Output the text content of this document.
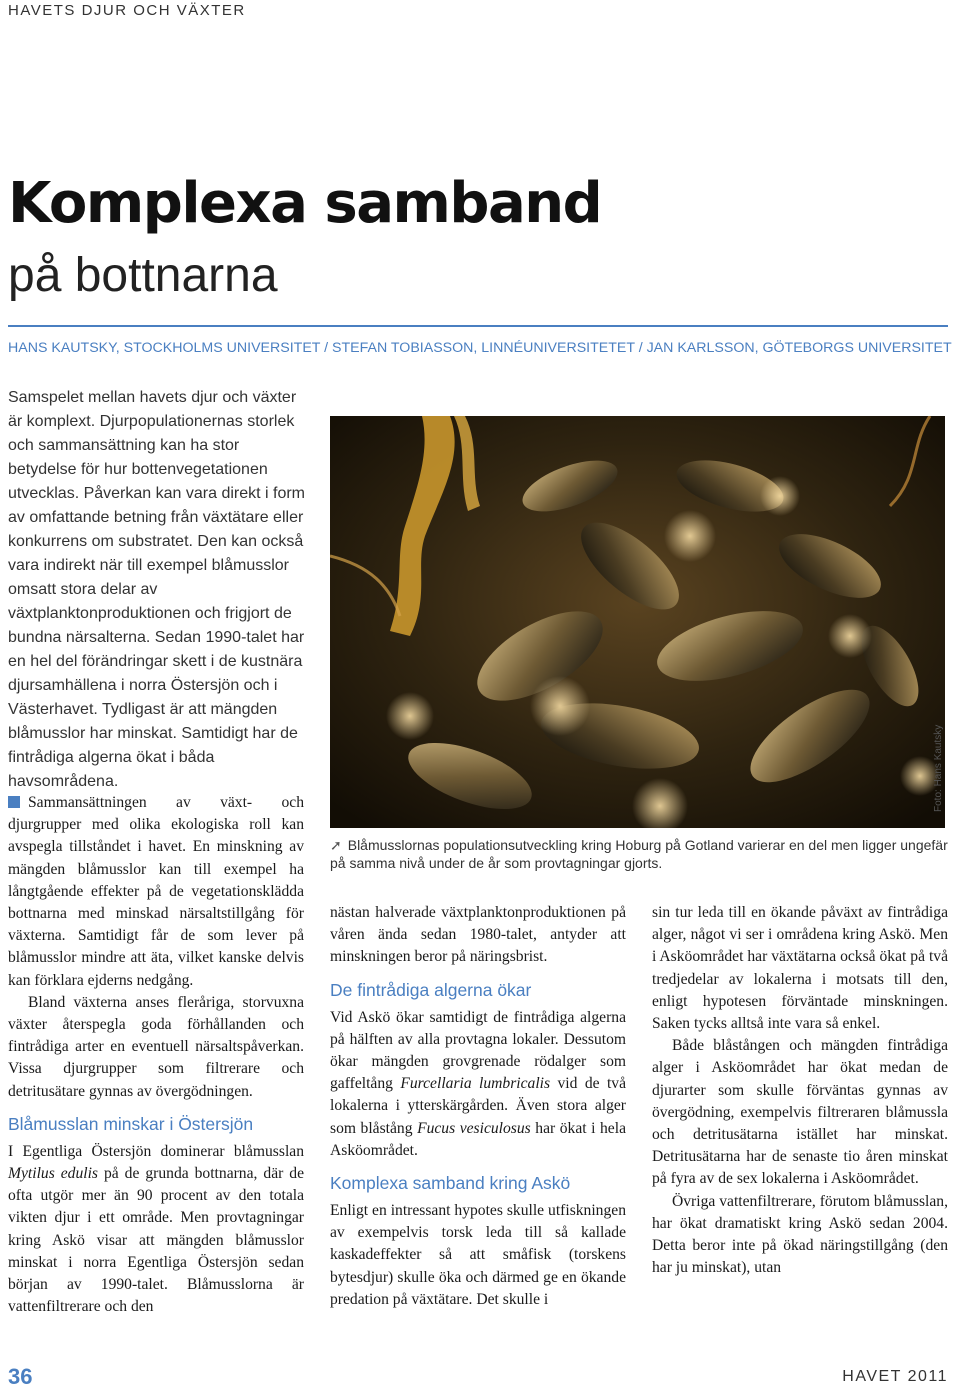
HAVETS DJUR OCH VÄXTER
Komplexa samband
på bottnarna
HANS KAUTSKY, STOCKHOLMS UNIVERSITET / STEFAN TOBIASSON, LINNÉUNIVERSITETET / JAN KARLSSON, GÖTEBORGS UNIVERSITET

Samspelet mellan havets djur och växter är komplext. Djurpopulationernas storlek och sammansättning kan ha stor betydelse för hur bottenvegetationen utvecklas. Påverkan kan vara direkt i form av omfattande betning från växtätare eller konkurrens om substratet. Den kan också vara indirekt när till exempel blåmusslor omsatt stora delar av växtplanktonproduktionen och frigjort de bundna närsalterna. Sedan 1990-talet har en hel del förändringar skett i de kustnära djursamhällena i norra Östersjön och i Västerhavet. Tydligast är att mängden blåmusslor har minskat. Samtidigt har de fintrådiga algerna ökat i båda havsområdena.	Foto: Hans Kautsky
➚ Blåmusslornas populationsutveckling kring Hoburg på Gotland varierar en del men ligger ungefär på samma nivå under de år som provtagningar gjorts.

Sammansättningen av växt- och djurgrupper med olika ekologiska roll kan avspegla tillståndet i havet. En minskning av mängden blåmusslor kan till exempel ha långtgående effekter på de vegetationsklädda bottnarna med minskad närsaltstillgång för växterna. Samtidigt får de som lever på blåmusslor mindre att äta, vilket kanske delvis kan förklara ejderns nedgång.

Bland växterna anses fleråriga, storvuxna växter återspegla goda förhållanden och fintrådiga arter en eventuell närsaltspåverkan. Vissa djurgrupper som filtrerare och detritusätare gynnas av övergödningen.

Blåmusslan minskar i Östersjön

I Egentliga Östersjön dominerar blåmusslan Mytilus edulis på de grunda bottnarna, där de ofta utgör mer än 90 procent av den totala vikten djur i ett område. Men provtagningar kring Askö visar att mängden blåmusslor minskat i norra Egentliga Östersjön sedan början av 1990-talet. Blåmusslorna är vattenfiltrerare och den

nästan halverade växtplanktonproduktionen på våren ända sedan 1980-talet, antyder att minskningen beror på näringsbrist.

De fintrådiga algerna ökar

Vid Askö ökar samtidigt de fintrådiga algerna på hälften av alla provtagna lokaler. Dessutom ökar mängden grovgrenade rödalger som gaffeltång Furcellaria lumbricalis vid de två lokalerna i ytterskärgården. Även stora alger som blåstång Fucus vesiculosus har ökat i hela Asköområdet.

Komplexa samband kring Askö

Enligt en intressant hypotes skulle utfiskningen av exempelvis torsk leda till så kallade kaskadeffekter så att småfisk (torskens bytesdjur) skulle öka och därmed ge en ökande predation på växtätare. Det skulle i

sin tur leda till en ökande påväxt av fintrådiga alger, något vi ser i områdena kring Askö. Men i Asköområdet har växtätarna också ökat på två tredjedelar av lokalerna i motsats till den, enligt hypotesen förväntade minskningen. Saken tycks alltså inte vara så enkel.

Både blåstången och mängden fintrådiga alger i Asköområdet har ökat medan de djurarter som skulle förväntas gynnas av övergödning, exempelvis filtreraren blåmussla och detritusätarna istället har minskat. Detritusätarna har de senaste tio åren minskat på fyra av de sex lokalerna i Asköområdet.

Övriga vattenfiltrerare, förutom blåmusslan, har ökat dramatiskt kring Askö sedan 2004. Detta beror inte på ökad näringstillgång (den har ju minskat), utan

36	HAVET 2011
